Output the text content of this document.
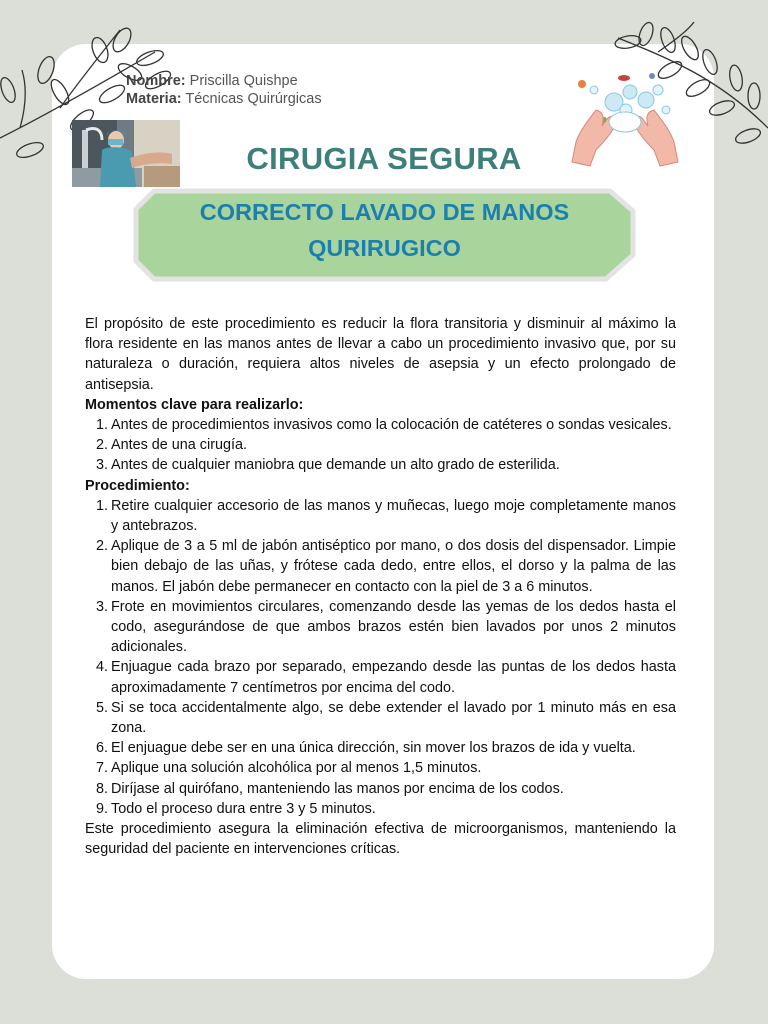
Nombre: Priscilla Quishpe
Materia: Técnicas Quirúrgicas
CIRUGIA SEGURA
CORRECTO LAVADO DE MANOS
QURIRUGICO

El propósito de este procedimiento es reducir la flora transitoria y disminuir al máximo la flora residente en las manos antes de llevar a cabo un procedimiento invasivo que, por su naturaleza o duración, requiera altos niveles de asepsia y un efecto prolongado de antisepsia.

Momentos clave para realizarlo:
1. Antes de procedimientos invasivos como la colocación de catéteres o sondas vesicales.
2. Antes de una cirugía.
3. Antes de cualquier maniobra que demande un alto grado de esterilida.
Procedimiento:
1. Retire cualquier accesorio de las manos y muñecas, luego moje completamente manos y antebrazos.
2. Aplique de 3 a 5 ml de jabón antiséptico por mano, o dos dosis del dispensador. Limpie bien debajo de las uñas, y frótese cada dedo, entre ellos, el dorso y la palma de las manos. El jabón debe permanecer en contacto con la piel de 3 a 6 minutos.
3. Frote en movimientos circulares, comenzando desde las yemas de los dedos hasta el codo, asegurándose de que ambos brazos estén bien lavados por unos 2 minutos adicionales.
4. Enjuague cada brazo por separado, empezando desde las puntas de los dedos hasta aproximadamente 7 centímetros por encima del codo.
5. Si se toca accidentalmente algo, se debe extender el lavado por 1 minuto más en esa zona.
6. El enjuague debe ser en una única dirección, sin mover los brazos de ida y vuelta.
7. Aplique una solución alcohólica por al menos 1,5 minutos.
8. Diríjase al quirófano, manteniendo las manos por encima de los codos.
9. Todo el proceso dura entre 3 y 5 minutos.

Este procedimiento asegura la eliminación efectiva de microorganismos, manteniendo la seguridad del paciente en intervenciones críticas.
